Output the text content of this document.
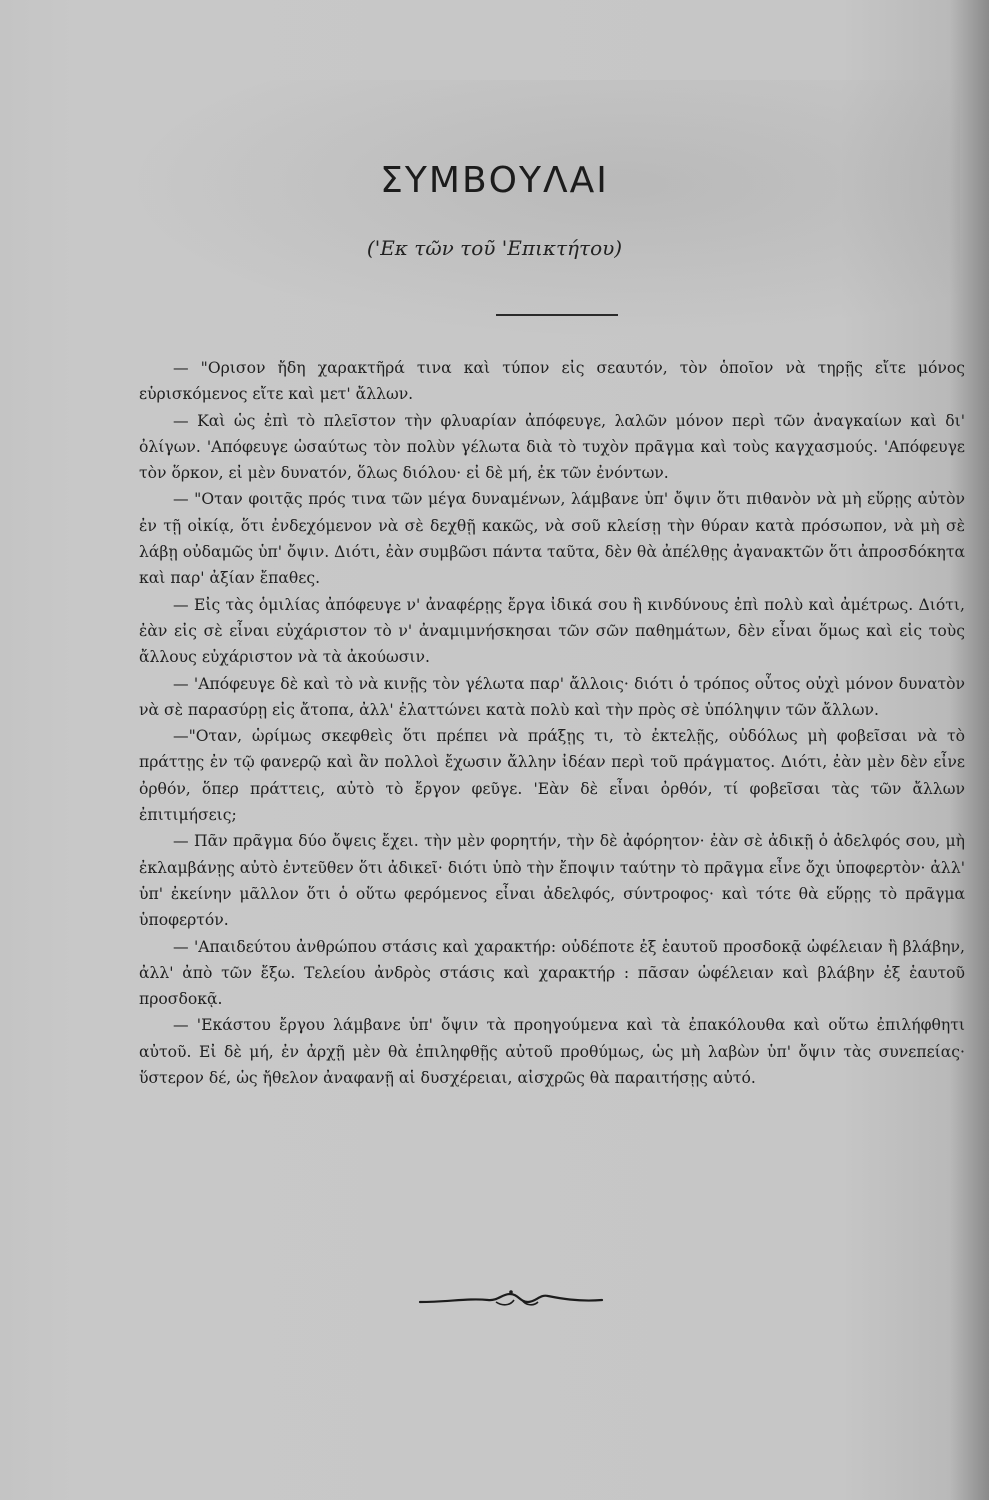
ΣΥΜΒΟΥΛΑΙ
('Εκ τῶν τοῦ 'Επικτήτου)

— "Ορισον ἤδη χαρακτῆρά τινα καὶ τύπον εἰς σεαυτόν, τὸν ὁποῖον νὰ τηρῇς εἴτε μόνος εὑρισκόμενος εἴτε καὶ μετ' ἄλλων.

— Καὶ ὡς ἐπὶ τὸ πλεῖστον τὴν φλυαρίαν ἀπόφευγε, λαλῶν μόνον περὶ τῶν ἀναγκαίων καὶ δι' ὀλίγων. 'Απόφευγε ὡσαύτως τὸν πολὺν γέλωτα διὰ τὸ τυχὸν πρᾶγμα καὶ τοὺς καγχασμούς. 'Απόφευγε τὸν ὅρκον, εἰ μὲν δυνατόν, ὅλως διόλου· εἰ δὲ μή, ἐκ τῶν ἐνόντων.

— "Οταν φοιτᾷς πρός τινα τῶν μέγα δυναμένων, λάμβανε ὑπ' ὄψιν ὅτι πιθανὸν νὰ μὴ εὕρῃς αὐτὸν ἐν τῇ οἰκίᾳ, ὅτι ἐνδεχόμενον νὰ σὲ δεχθῇ κακῶς, νὰ σοῦ κλείσῃ τὴν θύραν κατὰ πρόσωπον, νὰ μὴ σὲ λάβῃ οὐδαμῶς ὑπ' ὄψιν. Διότι, ἐὰν συμβῶσι πάντα ταῦτα, δὲν θὰ ἀπέλθῃς ἀγανακτῶν ὅτι ἀπροσδόκητα καὶ παρ' ἀξίαν ἔπαθες.

— Εἰς τὰς ὁμιλίας ἀπόφευγε ν' ἀναφέρῃς ἔργα ἰδικά σου ἢ κινδύνους ἐπὶ πολὺ καὶ ἀμέτρως. Διότι, ἐὰν εἰς σὲ εἶναι εὐχάριστον τὸ ν' ἀναμιμνήσκησαι τῶν σῶν παθημάτων, δὲν εἶναι ὅμως καὶ εἰς τοὺς ἄλλους εὐχάριστον νὰ τὰ ἀκούωσιν.

— 'Απόφευγε δὲ καὶ τὸ νὰ κινῇς τὸν γέλωτα παρ' ἄλλοις· διότι ὁ τρόπος οὗτος οὐχὶ μόνον δυνατὸν νὰ σὲ παρασύρῃ εἰς ἄτοπα, ἀλλ' ἐλαττώνει κατὰ πολὺ καὶ τὴν πρὸς σὲ ὑπόληψιν τῶν ἄλλων.

—"Οταν, ὡρίμως σκεφθεὶς ὅτι πρέπει νὰ πράξῃς τι, τὸ ἐκτελῇς, οὐδόλως μὴ φοβεῖσαι νὰ τὸ πράττῃς ἐν τῷ φανερῷ καὶ ἂν πολλοὶ ἔχωσιν ἄλλην ἰδέαν περὶ τοῦ πράγματος. Διότι, ἐὰν μὲν δὲν εἶνε ὀρθόν, ὅπερ πράττεις, αὐτὸ τὸ ἔργον φεῦγε. 'Εὰν δὲ εἶναι ὀρθόν, τί φοβεῖσαι τὰς τῶν ἄλλων ἐπιτιμήσεις;

— Πᾶν πρᾶγμα δύο ὄψεις ἔχει. τὴν μὲν φορητήν, τὴν δὲ ἀφόρητον· ἐὰν σὲ ἀδικῇ ὁ ἀδελφός σου, μὴ ἐκλαμβάνῃς αὐτὸ ἐντεῦθεν ὅτι ἀδικεῖ· διότι ὑπὸ τὴν ἔποψιν ταύτην τὸ πρᾶγμα εἶνε ὄχι ὑποφερτὸν· ἀλλ' ὑπ' ἐκείνην μᾶλλον ὅτι ὁ οὕτω φερόμενος εἶναι ἀδελφός, σύντροφος· καὶ τότε θὰ εὕρῃς τὸ πρᾶγμα ὑποφερτόν.

— 'Απαιδεύτου ἀνθρώπου στάσις καὶ χαρακτήρ: οὐδέποτε ἐξ ἑαυτοῦ προσδοκᾷ ὠφέλειαν ἢ βλάβην, ἀλλ' ἀπὸ τῶν ἔξω. Τελείου ἀνδρὸς στάσις καὶ χαρακτήρ : πᾶσαν ὠφέλειαν καὶ βλάβην ἐξ ἑαυτοῦ προσδοκᾷ.

— 'Εκάστου ἔργου λάμβανε ὑπ' ὄψιν τὰ προηγούμενα καὶ τὰ ἐπακόλουθα καὶ οὕτω ἐπιλήφθητι αὐτοῦ. Εἰ δὲ μή, ἐν ἀρχῇ μὲν θὰ ἐπιληφθῇς αὐτοῦ προθύμως, ὡς μὴ λαβὼν ὑπ' ὄψιν τὰς συνεπείας· ὕστερον δέ, ὡς ἤθελον ἀναφανῇ αἱ δυσχέρειαι, αἰσχρῶς θὰ παραιτήσῃς αὐτό.
